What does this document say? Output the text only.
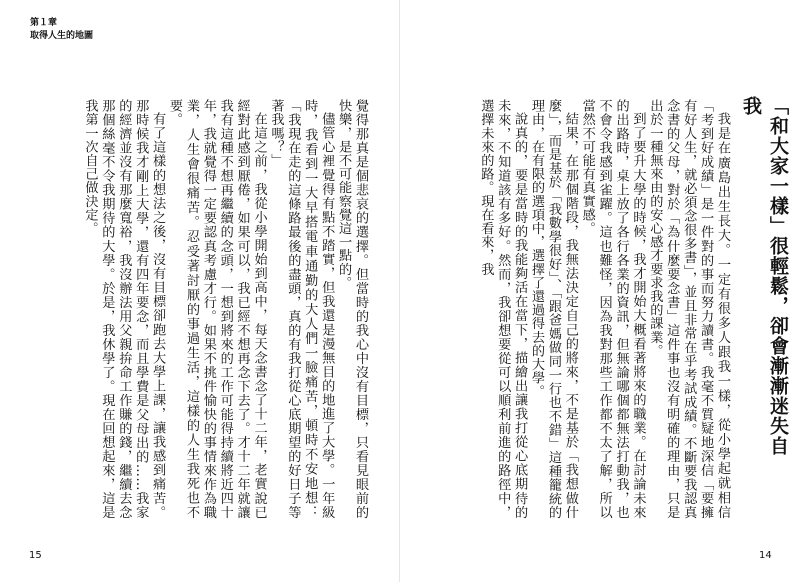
第１章
取得人生的地圖

覺得那真是個悲哀的選擇。但當時的我心中沒有目標，只看見眼前的快樂，是不可能察覺這一點的。

儘管心裡覺得有點不踏實，但我還是漫無目的地進了大學。一年級時，我看到一大早搭電車通勤的大人們一臉痛苦，頓時不安地想：「我現在走的這條路最後的盡頭，真的有我打從心底期望的好日子等著我嗎？」

在這之前，我從小學開始到高中，每天念書念了十二年，老實說已經對此感到厭倦，如果可以，我已經不想再念下去了。才十二年就讓我有這種不想再繼續的念頭，一想到將來的工作可能得持續將近四十年，我就覺得一定要認真考慮才行。如果不挑件愉快的事情來作為職業，人生會很痛苦。忍受著討厭的事過生活，這樣的人生我死也不要。

有了這樣的想法之後，沒有目標卻跑去大學上課，讓我感到痛苦。那時候我才剛上大學，還有四年要念，而且學費是父母出的……我家的經濟並沒有那麼寬裕，我沒辦法用父親拚命工作賺的錢，繼續去念那個絲毫不令我期待的大學。於是，我休學了。現在回想起來，這是我第一次自己做決定。

15
「和大家一樣」很輕鬆，卻會漸漸迷失自我

我是在廣島出生長大。一定有很多人跟我一樣，從小學起就相信「考到好成績」是一件對的事而努力讀書。我毫不質疑地深信「要擁有好人生，就必須念很多書」，並且非常在乎考試成績。不斷要我認真念書的父母，對於「為什麼要念書」這件事也沒有明確的理由，只是出於一種無來由的安心感才要求我的課業。

到了要升大學的時候，我才開始大概看著將來的職業。在討論未來的出路時，桌上放了各行各業的資訊，但無論哪個都無法打動我，也不會令我感到雀躍。這也難怪，因為我對那些工作都不太了解，所以當然不可能有真實感。

結果，在那個階段，我無法決定自己的將來，不是基於「我想做什麼」，而是基於「我數學很好」、「跟爸媽做同一行也不錯」這種籠統的理由，在有限的選項中，選擇了還過得去的大學。

說真的，要是當時的我能夠活在當下，描繪出讓我打從心底期待的未來，不知道該有多好。然而，我卻想要從可以順利前進的路徑中，選擇未來的路。現在看來，我

14
